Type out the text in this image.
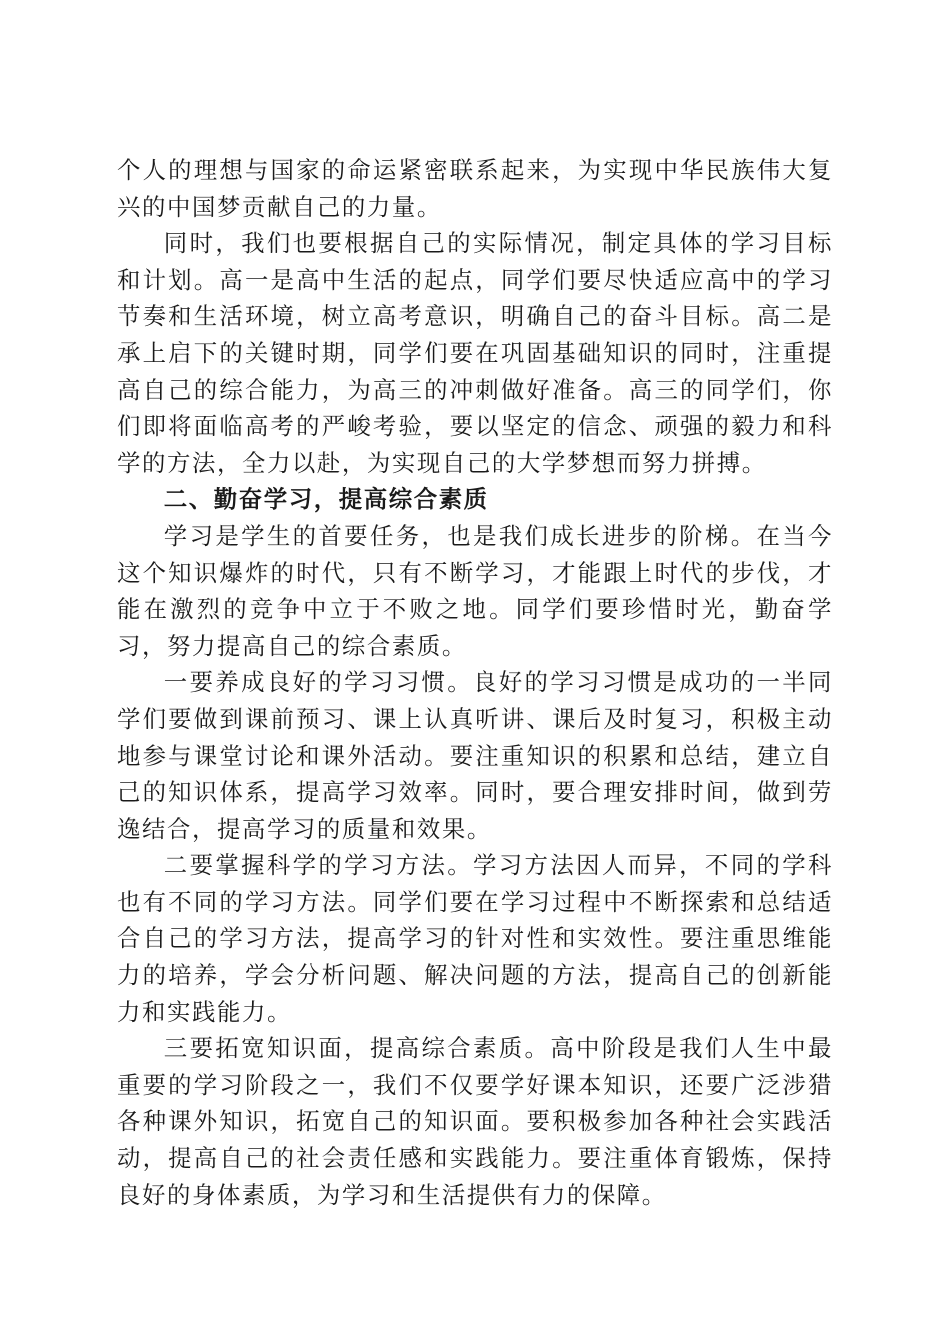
个人的理想与国家的命运紧密联系起来，为实现中华民族伟大复兴的中国梦贡献自己的力量。

同时，我们也要根据自己的实际情况，制定具体的学习目标和计划。高一是高中生活的起点，同学们要尽快适应高中的学习节奏和生活环境，树立高考意识，明确自己的奋斗目标。高二是承上启下的关键时期，同学们要在巩固基础知识的同时，注重提高自己的综合能力，为高三的冲刺做好准备。高三的同学们，你们即将面临高考的严峻考验，要以坚定的信念、顽强的毅力和科学的方法，全力以赴，为实现自己的大学梦想而努力拼搏。

二、勤奋学习，提高综合素质

学习是学生的首要任务，也是我们成长进步的阶梯。在当今这个知识爆炸的时代，只有不断学习，才能跟上时代的步伐，才能在激烈的竞争中立于不败之地。同学们要珍惜时光，勤奋学习，努力提高自己的综合素质。

一要养成良好的学习习惯。良好的学习习惯是成功的一半同学们要做到课前预习、课上认真听讲、课后及时复习，积极主动地参与课堂讨论和课外活动。要注重知识的积累和总结，建立自己的知识体系，提高学习效率。同时，要合理安排时间，做到劳逸结合，提高学习的质量和效果。

二要掌握科学的学习方法。学习方法因人而异，不同的学科也有不同的学习方法。同学们要在学习过程中不断探索和总结适合自己的学习方法，提高学习的针对性和实效性。要注重思维能力的培养，学会分析问题、解决问题的方法，提高自己的创新能力和实践能力。

三要拓宽知识面，提高综合素质。高中阶段是我们人生中最重要的学习阶段之一，我们不仅要学好课本知识，还要广泛涉猎各种课外知识，拓宽自己的知识面。要积极参加各种社会实践活动，提高自己的社会责任感和实践能力。要注重体育锻炼，保持良好的身体素质，为学习和生活提供有力的保障。
